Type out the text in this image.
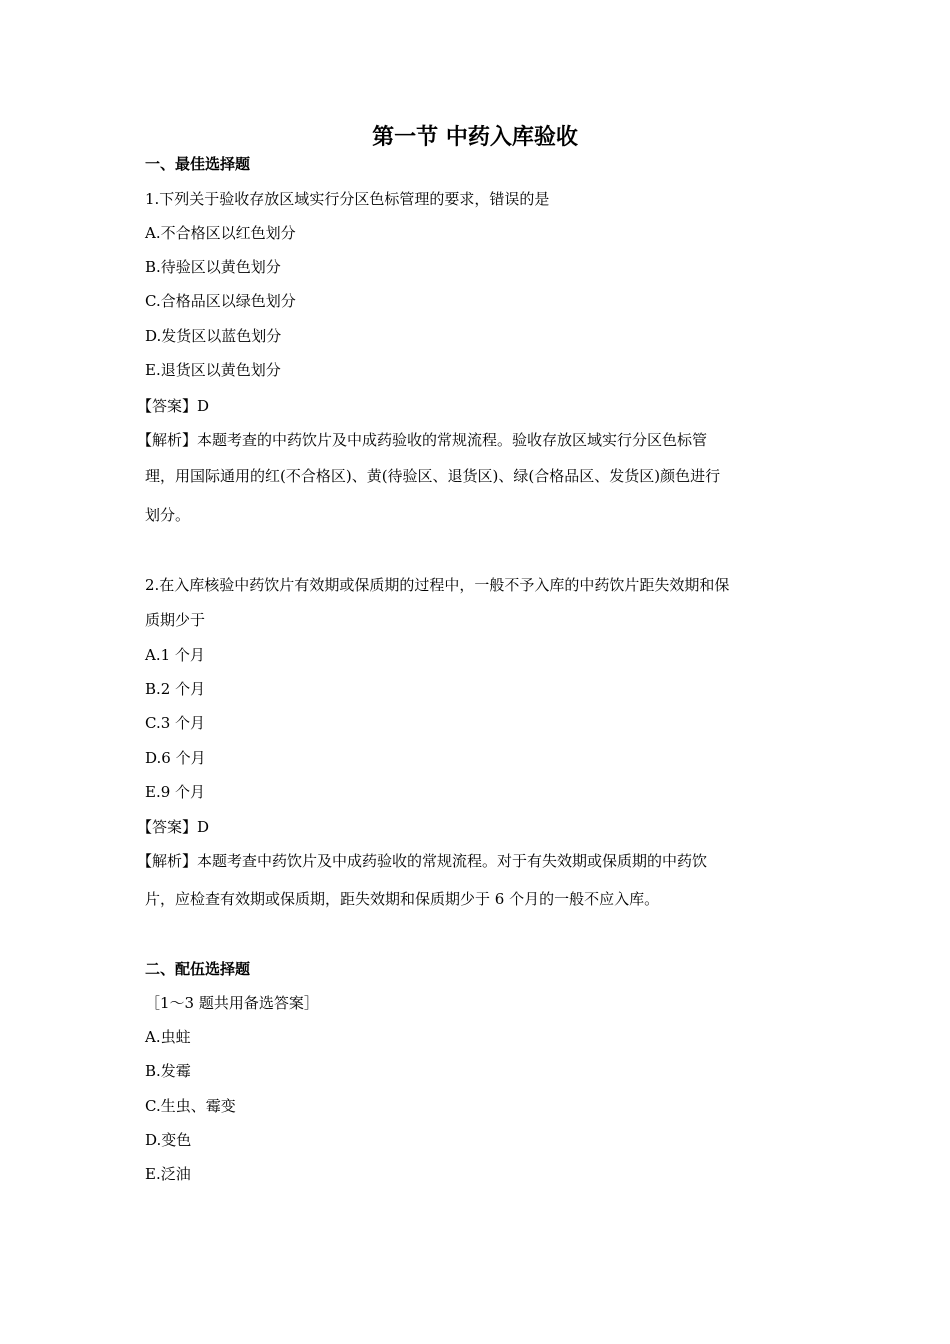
第一节 中药入库验收
一、最佳选择题
1.下列关于验收存放区域实行分区色标管理的要求，错误的是
A.不合格区以红色划分
B.待验区以黄色划分
C.合格品区以绿色划分
D.发货区以蓝色划分
E.退货区以黄色划分
【答案】D
【解析】本题考查的中药饮片及中成药验收的常规流程。验收存放区域实行分区色标管
理，用国际通用的红(不合格区)、黄(待验区、退货区)、绿(合格品区、发货区)颜色进行
划分。
2.在入库核验中药饮片有效期或保质期的过程中，一般不予入库的中药饮片距失效期和保
质期少于
A.1 个月
B.2 个月
C.3 个月
D.6 个月
E.9 个月
【答案】D
【解析】本题考查中药饮片及中成药验收的常规流程。对于有失效期或保质期的中药饮
片，应检查有效期或保质期，距失效期和保质期少于 6 个月的一般不应入库。
二、配伍选择题
［1～3 题共用备选答案］
A.虫蛀
B.发霉
C.生虫、霉变
D.变色
E.泛油
